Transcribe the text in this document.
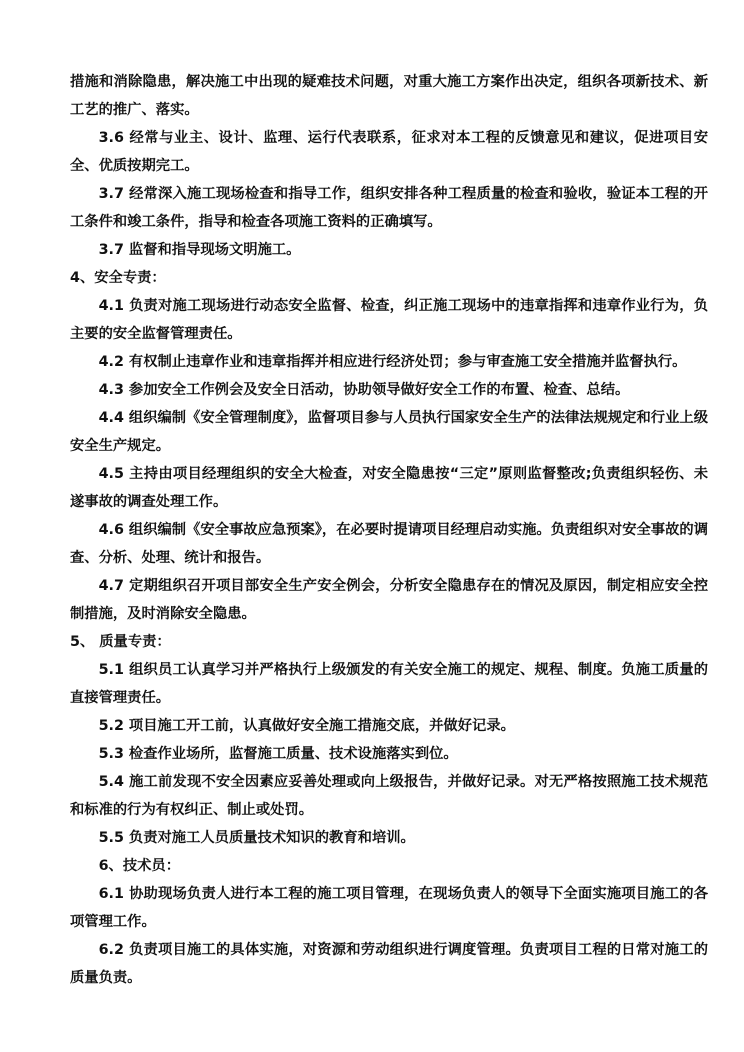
措施和消除隐患，解决施工中出现的疑难技术问题，对重大施工方案作出决定，组织各项新技术、新工艺的推广、落实。

3.6 经常与业主、设计、监理、运行代表联系，征求对本工程的反馈意见和建议，促进项目安全、优质按期完工。

3.7 经常深入施工现场检查和指导工作，组织安排各种工程质量的检查和验收，验证本工程的开工条件和竣工条件，指导和检查各项施工资料的正确填写。

3.7 监督和指导现场文明施工。

4、安全专责：

4.1 负责对施工现场进行动态安全监督、检查，纠正施工现场中的违章指挥和违章作业行为，负主要的安全监督管理责任。

4.2 有权制止违章作业和违章指挥并相应进行经济处罚；参与审查施工安全措施并监督执行。

4.3 参加安全工作例会及安全日活动，协助领导做好安全工作的布置、检查、总结。

4.4 组织编制《安全管理制度》，监督项目参与人员执行国家安全生产的法律法规规定和行业上级安全生产规定。

4.5 主持由项目经理组织的安全大检查，对安全隐患按“三定”原则监督整改;负责组织轻伤、未遂事故的调查处理工作。

4.6 组织编制《安全事故应急预案》，在必要时提请项目经理启动实施。负责组织对安全事故的调查、分析、处理、统计和报告。

4.7 定期组织召开项目部安全生产安全例会，分析安全隐患存在的情况及原因，制定相应安全控制措施，及时消除安全隐患。

5、 质量专责：

5.1 组织员工认真学习并严格执行上级颁发的有关安全施工的规定、规程、制度。负施工质量的直接管理责任。

5.2 项目施工开工前，认真做好安全施工措施交底，并做好记录。

5.3 检查作业场所，监督施工质量、技术设施落实到位。

5.4 施工前发现不安全因素应妥善处理或向上级报告，并做好记录。对无严格按照施工技术规范和标准的行为有权纠正、制止或处罚。

5.5 负责对施工人员质量技术知识的教育和培训。

6、技术员：

6.1 协助现场负责人进行本工程的施工项目管理，在现场负责人的领导下全面实施项目施工的各项管理工作。

6.2 负责项目施工的具体实施，对资源和劳动组织进行调度管理。负责项目工程的日常对施工的质量负责。
